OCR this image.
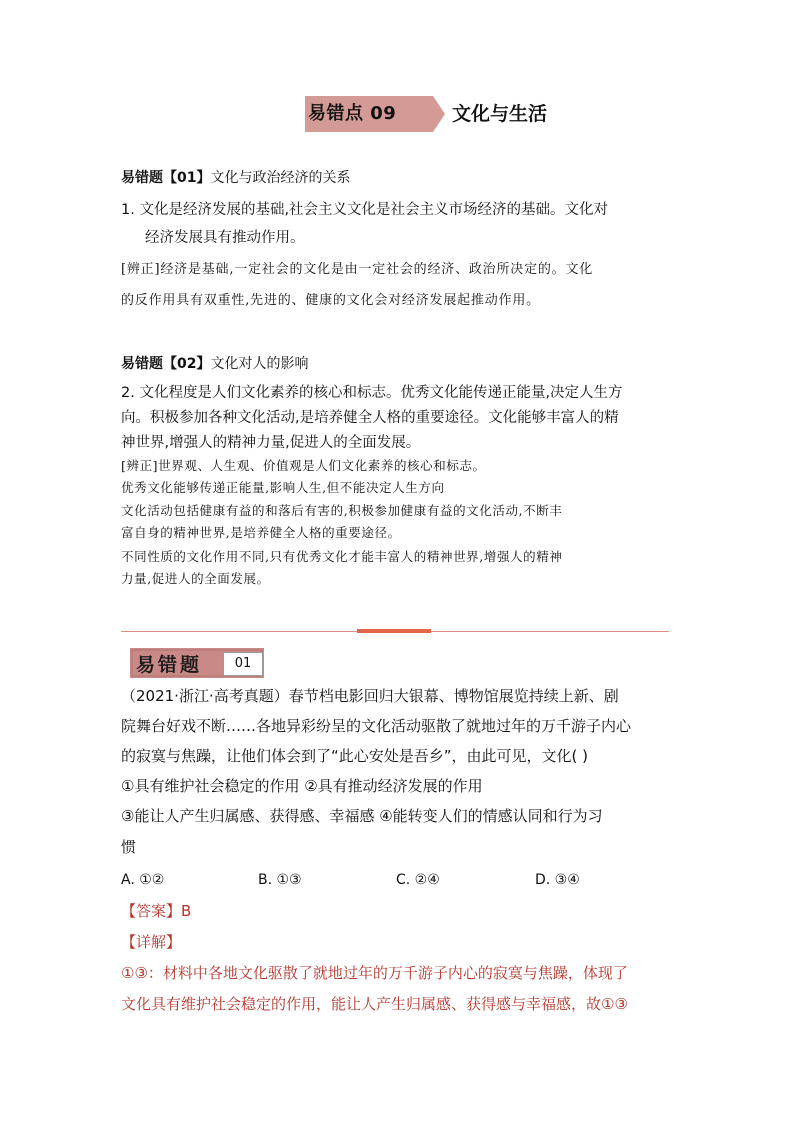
易错点 09	文化与生活
易错题【01】文化与政治经济的关系
1. 文化是经济发展的基础,社会主义文化是社会主义市场经济的基础。文化对
经济发展具有推动作用。
[辨正]经济是基础,一定社会的文化是由一定社会的经济、政治所决定的。文化
的反作用具有双重性,先进的、健康的文化会对经济发展起推动作用。
易错题【02】文化对人的影响
2. 文化程度是人们文化素养的核心和标志。优秀文化能传递正能量,决定人生方
向。积极参加各种文化活动,是培养健全人格的重要途径。文化能够丰富人的精
神世界,增强人的精神力量,促进人的全面发展。
[辨正]世界观、人生观、价值观是人们文化素养的核心和标志。
优秀文化能够传递正能量,影响人生,但不能决定人生方向
文化活动包括健康有益的和落后有害的,积极参加健康有益的文化活动,不断丰
富自身的精神世界,是培养健全人格的重要途径。
不同性质的文化作用不同,只有优秀文化才能丰富人的精神世界,增强人的精神
力量,促进人的全面发展。
易错题	01
（2021·浙江·高考真题）春节档电影回归大银幕、博物馆展览持续上新、剧
院舞台好戏不断……各地异彩纷呈的文化活动驱散了就地过年的万千游子内心
的寂寞与焦躁，让他们体会到了“此心安处是吾乡”，由此可见，文化( )
①具有维护社会稳定的作用 ②具有推动经济发展的作用
③能让人产生归属感、获得感、幸福感 ④能转变人们的情感认同和行为习
惯
A. ①②	B. ①③	C. ②④	D. ③④
【答案】B
【详解】
①③：材料中各地文化驱散了就地过年的万千游子内心的寂寞与焦躁，体现了
文化具有维护社会稳定的作用，能让人产生归属感、获得感与幸福感，故①③
